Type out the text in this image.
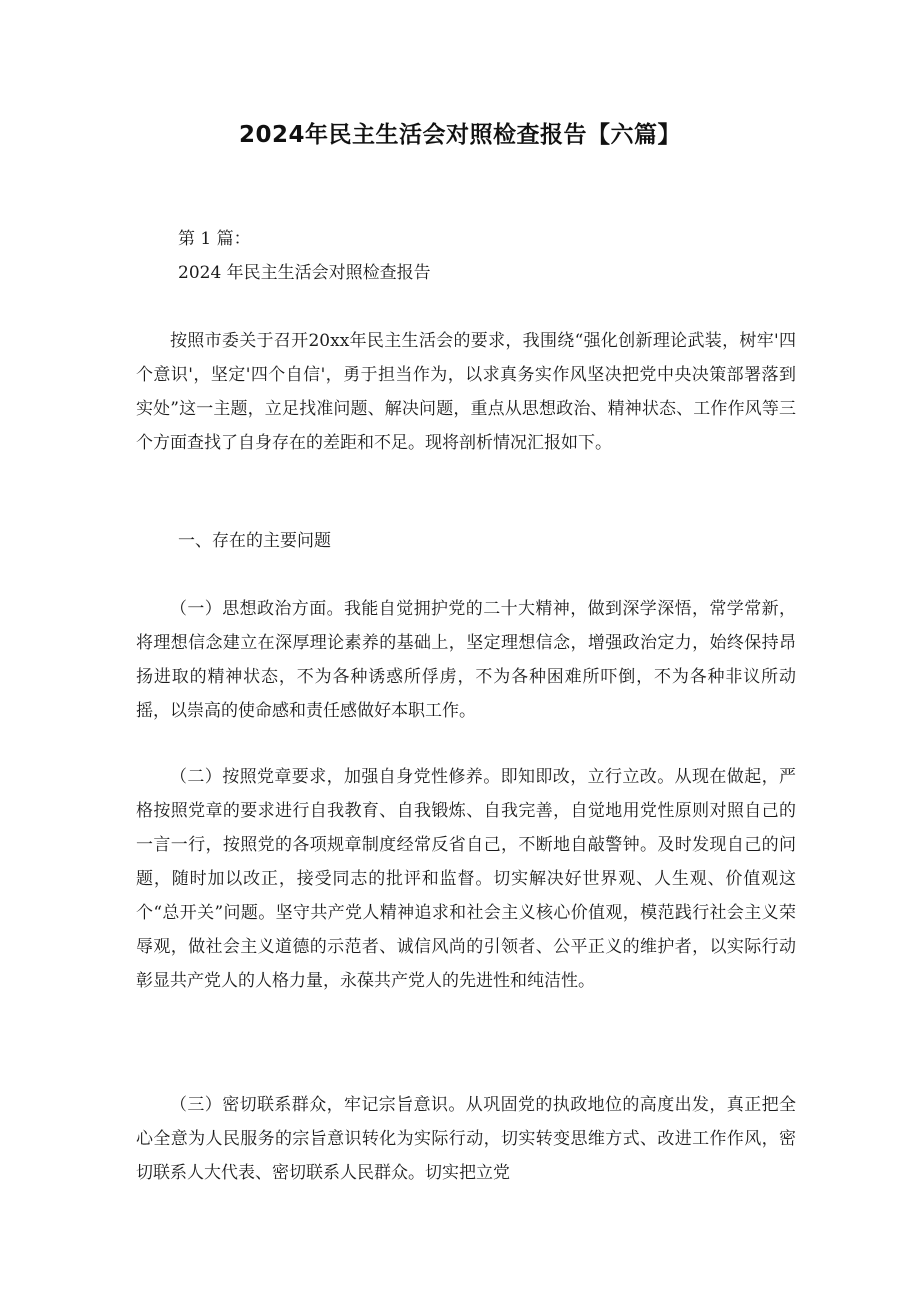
2024年民主生活会对照检查报告【六篇】
第 1 篇：
2024 年民主生活会对照检查报告
按照市委关于召开20xx年民主生活会的要求，我围绕“强化创新理论武装，树牢'四个意识'，坚定'四个自信'，勇于担当作为，以求真务实作风坚决把党中央决策部署落到实处”这一主题，立足找准问题、解决问题，重点从思想政治、精神状态、工作作风等三个方面查找了自身存在的差距和不足。现将剖析情况汇报如下。
一、存在的主要问题
（一）思想政治方面。我能自觉拥护党的二十大精神，做到深学深悟，常学常新，将理想信念建立在深厚理论素养的基础上，坚定理想信念，增强政治定力，始终保持昂扬进取的精神状态，不为各种诱惑所俘虏，不为各种困难所吓倒，不为各种非议所动摇，以崇高的使命感和责任感做好本职工作。
（二）按照党章要求，加强自身党性修养。即知即改，立行立改。从现在做起，严格按照党章的要求进行自我教育、自我锻炼、自我完善，自觉地用党性原则对照自己的一言一行，按照党的各项规章制度经常反省自己，不断地自敲警钟。及时发现自己的问题，随时加以改正，接受同志的批评和监督。切实解决好世界观、人生观、价值观这个“总开关”问题。坚守共产党人精神追求和社会主义核心价值观，模范践行社会主义荣辱观，做社会主义道德的示范者、诚信风尚的引领者、公平正义的维护者，以实际行动彰显共产党人的人格力量，永葆共产党人的先进性和纯洁性。
（三）密切联系群众，牢记宗旨意识。从巩固党的执政地位的高度出发，真正把全心全意为人民服务的宗旨意识转化为实际行动，切实转变思维方式、改进工作作风，密切联系人大代表、密切联系人民群众。切实把立党
